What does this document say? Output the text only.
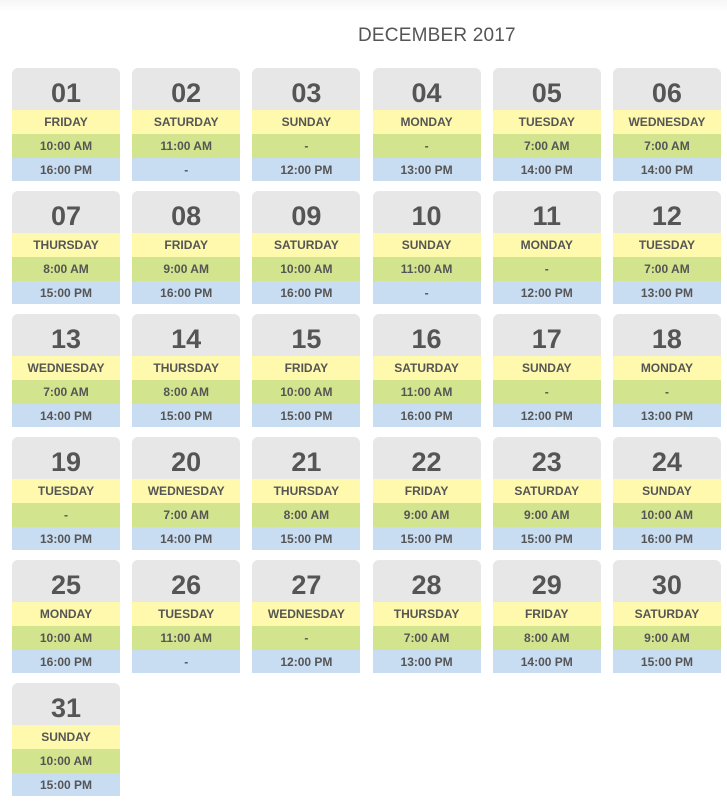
DECEMBER 2017
01
FRIDAY
10:00 AM
16:00 PM
02
SATURDAY
11:00 AM
-
03
SUNDAY
-
12:00 PM
04
MONDAY
-
13:00 PM
05
TUESDAY
7:00 AM
14:00 PM
06
WEDNESDAY
7:00 AM
14:00 PM
07
THURSDAY
8:00 AM
15:00 PM
08
FRIDAY
9:00 AM
16:00 PM
09
SATURDAY
10:00 AM
16:00 PM
10
SUNDAY
11:00 AM
-
11
MONDAY
-
12:00 PM
12
TUESDAY
7:00 AM
13:00 PM
13
WEDNESDAY
7:00 AM
14:00 PM
14
THURSDAY
8:00 AM
15:00 PM
15
FRIDAY
10:00 AM
15:00 PM
16
SATURDAY
11:00 AM
16:00 PM
17
SUNDAY
-
12:00 PM
18
MONDAY
-
13:00 PM
19
TUESDAY
-
13:00 PM
20
WEDNESDAY
7:00 AM
14:00 PM
21
THURSDAY
8:00 AM
15:00 PM
22
FRIDAY
9:00 AM
15:00 PM
23
SATURDAY
9:00 AM
15:00 PM
24
SUNDAY
10:00 AM
16:00 PM
25
MONDAY
10:00 AM
16:00 PM
26
TUESDAY
11:00 AM
-
27
WEDNESDAY
-
12:00 PM
28
THURSDAY
7:00 AM
13:00 PM
29
FRIDAY
8:00 AM
14:00 PM
30
SATURDAY
9:00 AM
15:00 PM
31
SUNDAY
10:00 AM
15:00 PM
